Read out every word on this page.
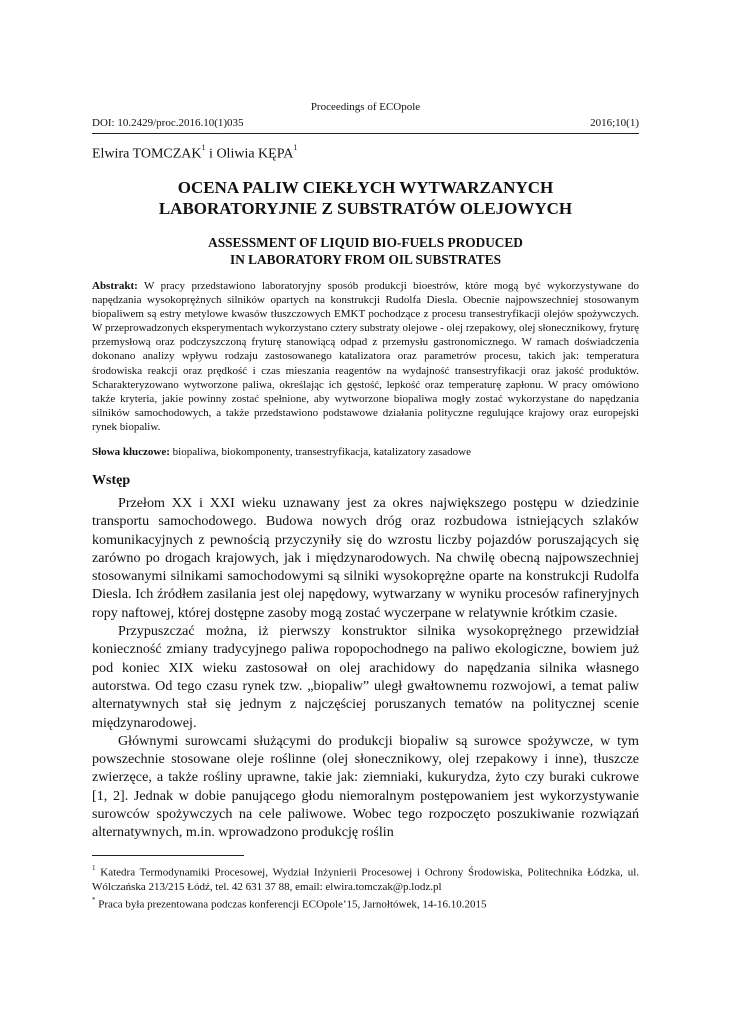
Proceedings of ECOpole
DOI: 10.2429/proc.2016.10(1)035	2016;10(1)
Elwira TOMCZAK$^1$ i Oliwia KĘPA$^1$
OCENA PALIW CIEKŁYCH WYTWARZANYCH
LABORATORYJNIE Z SUBSTRATÓW OLEJOWYCH
ASSESSMENT OF LIQUID BIO-FUELS PRODUCED
IN LABORATORY FROM OIL SUBSTRATES
Abstrakt: W pracy przedstawiono laboratoryjny sposób produkcji bioestrów, które mogą być wykorzystywane do napędzania wysokoprężnych silników opartych na konstrukcji Rudolfa Diesla. Obecnie najpowszechniej stosowanym biopaliwem są estry metylowe kwasów tłuszczowych EMKT pochodzące z procesu transestryfikacji olejów spożywczych. W przeprowadzonych eksperymentach wykorzystano cztery substraty olejowe - olej rzepakowy, olej słonecznikowy, fryturę przemysłową oraz podczyszczoną fryturę stanowiącą odpad z przemysłu gastronomicznego. W ramach doświadczenia dokonano analizy wpływu rodzaju zastosowanego katalizatora oraz parametrów procesu, takich jak: temperatura środowiska reakcji oraz prędkość i czas mieszania reagentów na wydajność transestryfikacji oraz jakość produktów. Scharakteryzowano wytworzone paliwa, określając ich gęstość, lepkość oraz temperaturę zapłonu. W pracy omówiono także kryteria, jakie powinny zostać spełnione, aby wytworzone biopaliwa mogły zostać wykorzystane do napędzania silników samochodowych, a także przedstawiono podstawowe działania polityczne regulujące krajowy oraz europejski rynek biopaliw.
Słowa kluczowe: biopaliwa, biokomponenty, transestryfikacja, katalizatory zasadowe
Wstęp

Przełom XX i XXI wieku uznawany jest za okres największego postępu w dziedzinie transportu samochodowego. Budowa nowych dróg oraz rozbudowa istniejących szlaków komunikacyjnych z pewnością przyczyniły się do wzrostu liczby pojazdów poruszających się zarówno po drogach krajowych, jak i międzynarodowych. Na chwilę obecną najpowszechniej stosowanymi silnikami samochodowymi są silniki wysokoprężne oparte na konstrukcji Rudolfa Diesla. Ich źródłem zasilania jest olej napędowy, wytwarzany w wyniku procesów rafineryjnych ropy naftowej, której dostępne zasoby mogą zostać wyczerpane w relatywnie krótkim czasie.

Przypuszczać można, iż pierwszy konstruktor silnika wysokoprężnego przewidział konieczność zmiany tradycyjnego paliwa ropopochodnego na paliwo ekologiczne, bowiem już pod koniec XIX wieku zastosował on olej arachidowy do napędzania silnika własnego autorstwa. Od tego czasu rynek tzw. „biopaliw” uległ gwałtownemu rozwojowi, a temat paliw alternatywnych stał się jednym z najczęściej poruszanych tematów na politycznej scenie międzynarodowej.

Głównymi surowcami służącymi do produkcji biopaliw są surowce spożywcze, w tym powszechnie stosowane oleje roślinne (olej słonecznikowy, olej rzepakowy i inne), tłuszcze zwierzęce, a także rośliny uprawne, takie jak: ziemniaki, kukurydza, żyto czy buraki cukrowe [1, 2]. Jednak w dobie panującego głodu niemoralnym postępowaniem jest wykorzystywanie surowców spożywczych na cele paliwowe. Wobec tego rozpoczęto poszukiwanie rozwiązań alternatywnych, m.in. wprowadzono produkcję roślin

$^1$ Katedra Termodynamiki Procesowej, Wydział Inżynierii Procesowej i Ochrony Środowiska, Politechnika Łódzka, ul. Wólczańska 213/215 Łódź, tel. 42 631 37 88, email: elwira.tomczak@p.lodz.pl

* Praca była prezentowana podczas konferencji ECOpole’15, Jarnołtówek, 14-16.10.2015
